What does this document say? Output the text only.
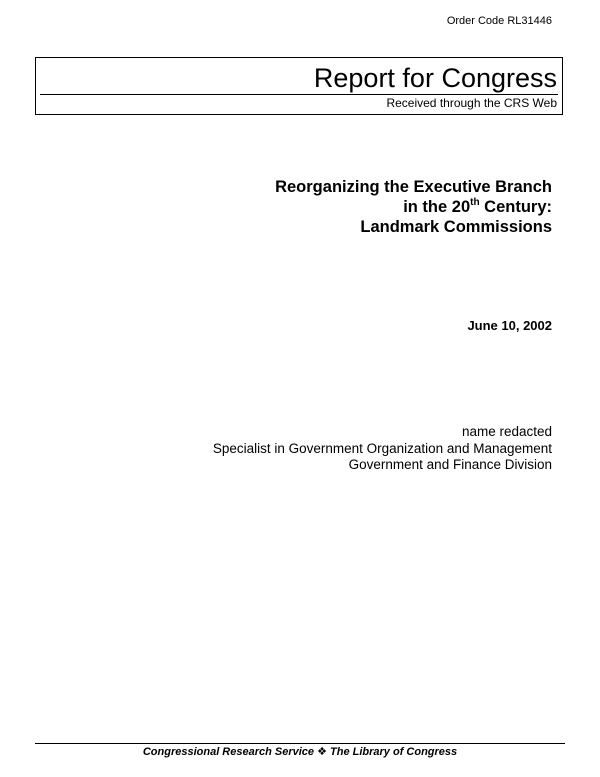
Order Code RL31446
Report for Congress
Received through the CRS Web
Reorganizing the Executive Branch
in the 20th Century:
Landmark Commissions
June 10, 2002
name redacted
Specialist in Government Organization and Management
Government and Finance Division
Congressional Research Service ❖ The Library of Congress
